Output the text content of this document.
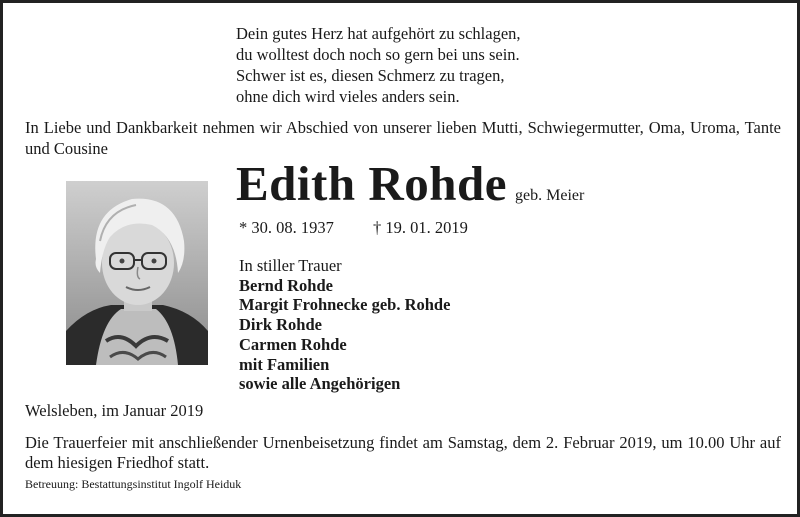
Dein gutes Herz hat aufgehört zu schlagen,
du wolltest doch noch so gern bei uns sein.
Schwer ist es, diesen Schmerz zu tragen,
ohne dich wird vieles anders sein.
In Liebe und Dankbarkeit nehmen wir Abschied von unserer lieben Mutti, Schwiegermutter, Oma, Uroma, Tante und Cousine
Edith Rohde geb. Meier
* 30. 08. 1937 † 19. 01. 2019
In stiller Trauer
Bernd Rohde
Margit Frohnecke geb. Rohde
Dirk Rohde
Carmen Rohde
mit Familien
sowie alle Angehörigen
Welsleben, im Januar 2019
Die Trauerfeier mit anschließender Urnenbeisetzung findet am Samstag, dem 2. Februar 2019, um 10.00 Uhr auf dem hiesigen Friedhof statt.
Betreuung: Bestattungsinstitut Ingolf Heiduk
